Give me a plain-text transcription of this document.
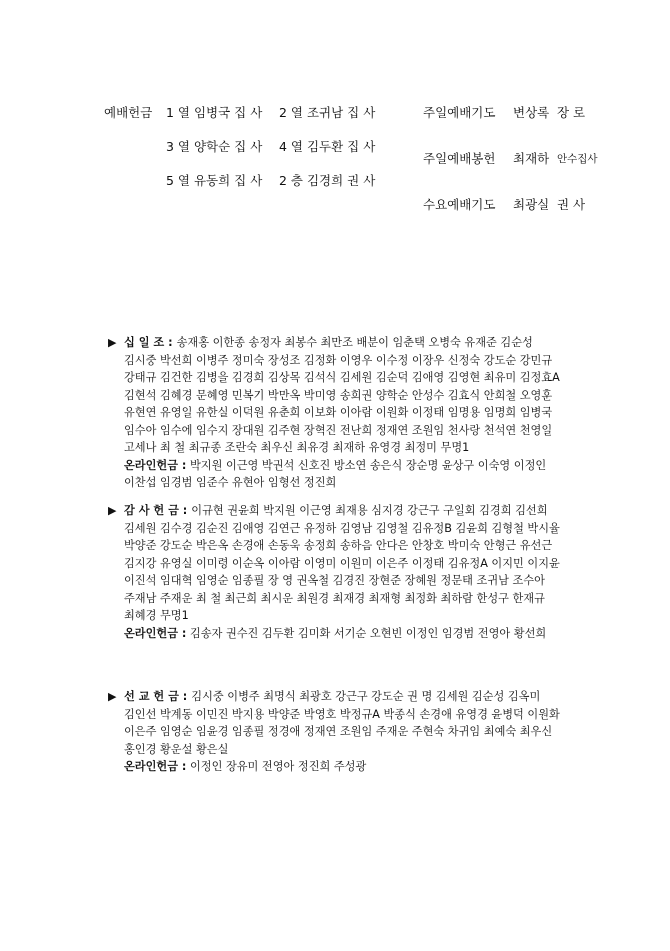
예배헌금	1 열 임병국 집 사 2 열 조귀남 집 사
3 열 양학순 집 사 4 열 김두환 집 사
5 열 유동희 집 사 2 층 김경희 권 사
주일예배기도	변상록 장 로
주일예배봉헌	최재하 안수집사
수요예배기도	최광실 권 사
▶ 십 일 조 : 송재홍 이한종 송정자 최봉수 최만조 배분이 임춘택 오병숙 유재준 김순성
김시중 박선희 이병주 정미숙 장성조 김정화 이영우 이수정 이장우 신정숙 강도순 강민규
강태규 김건한 김병을 김경희 김상목 김석식 김세원 김순덕 김애영 김영현 최유미 김정효A
김현석 김혜경 문혜영 민복기 박만옥 박미영 송희권 양학순 안성수 김효식 안희철 오영훈
유현연 유영일 유한실 이덕원 유춘희 이보화 이아람 이원화 이정태 임명용 임명희 임병국
임수아 임수에 임수지 장대원 김주현 장혁진 전난희 정재연 조원임 천사랑 천석연 천영일
고세나 최 철 최규종 조란숙 최우신 최유경 최재하 유영경 최정미 무명1
온라인헌금 : 박지원 이근영 박권석 신호진 방소연 송은식 장순명 윤상구 이숙영 이정인
이찬섭 임경범 임준수 유현아 임형선 정진희
▶ 감 사 헌 금 : 이규현 권윤희 박지원 이근영 최재용 심지경 강근구 구일회 김경희 김선희
김세원 김수경 김순진 김애영 김연근 유정하 김영남 김영철 김유정B 김윤희 김형철 박시율
박양준 강도순 박은옥 손경애 손동욱 송정희 송하음 안다은 안창호 박미숙 안형근 유선근
김지강 유영실 이미령 이순옥 이아람 이영미 이원미 이은주 이정태 김유정A 이지민 이지윤
이진석 임대혁 임영순 임종필 장 영 권옥철 김경진 장현준 장혜원 정문태 조귀남 조수아
주재남 주재운 최 철 최근희 최시운 최원경 최재경 최재형 최정화 최하람 한성구 한재규
최혜경 무명1
온라인헌금 : 김송자 권수진 김두환 김미화 서기순 오현빈 이정인 임경범 전영아 황선희
▶ 선 교 헌 금 : 김시중 이병주 최명식 최광호 강근구 강도순 권 명 김세원 김순성 김옥미
김인선 박계동 이민진 박지용 박양준 박영호 박정규A 박종식 손경애 유영경 윤병덕 이원화
이은주 임영순 임윤경 임종필 정경애 정재연 조원임 주재운 주현숙 차귀임 최예숙 최우신
홍인경 황운설 황은실
온라인헌금 : 이정인 장유미 전영아 정진희 주성광
